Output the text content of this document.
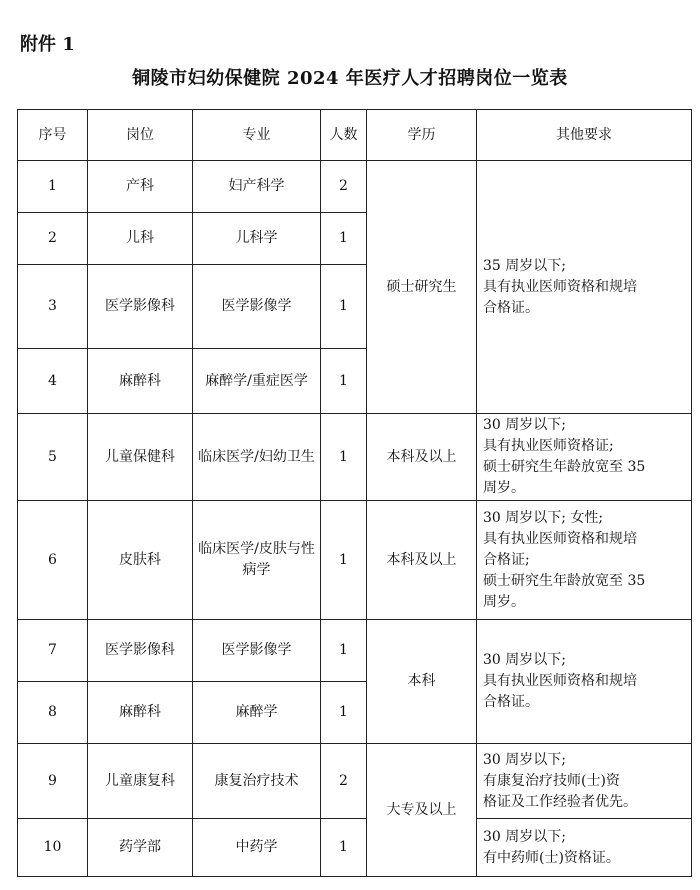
附件 1
铜陵市妇幼保健院 2024 年医疗人才招聘岗位一览表
序号	岗位	专业	人数	学历	其他要求
1	产科	妇产科学	2	硕士研究生	35 周岁以下;
具有执业医师资格和规培
合格证。

2	儿科	儿科学	1		
3	医学影像科	医学影像学	1		
4	麻醉科	麻醉学/重症医学	1		
5	儿童保健科	临床医学/妇幼卫生	1	本科及以上	30 周岁以下;
具有执业医师资格证;
硕士研究生年龄放宽至 35
周岁。

6	皮肤科	临床医学/皮肤与性病学	1	本科及以上	30 周岁以下; 女性;
具有执业医师资格和规培
合格证;
硕士研究生年龄放宽至 35
周岁。

7	医学影像科	医学影像学	1	本科	30 周岁以下;
具有执业医师资格和规培
合格证。

8	麻醉科	麻醉学	1		
9	儿童康复科	康复治疗技术	2	大专及以上	30 周岁以下;
有康复治疗技师(士)资
格证及工作经验者优先。

10	药学部	中药学	1		30 周岁以下;
有中药师(士)资格证。
